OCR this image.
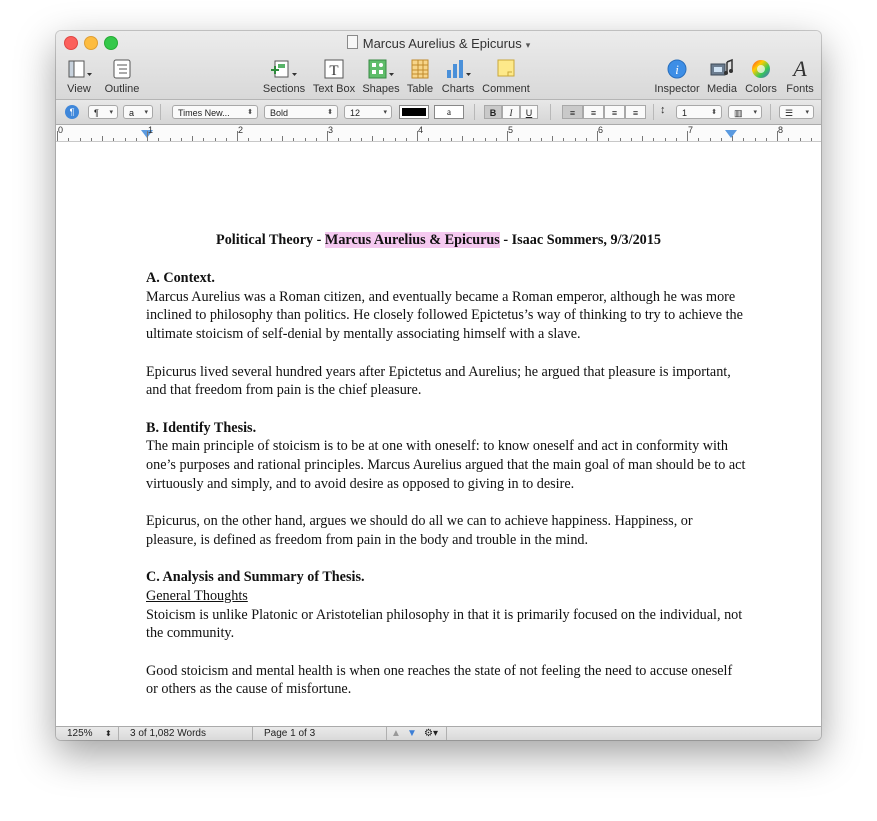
Marcus Aurelius & Epicurus ▾
View	Outline	Sections
T
Text Box Shapes Table Charts Comment
i
Inspector Media Colors
A
Fonts
¶	¶ ▾	a ▾	Times New... ⬍	Bold	⬍	12	▾	a	B	I	U	≡	≡	≡	≡	↕	1	⬍	▥ ▾	☰ ▾
0	1	2	3	4	5	6	7	8
Political Theory - Marcus Aurelius & Epicurus - Isaac Sommers, 9/3/2015

A. Context.

Marcus Aurelius was a Roman citizen, and eventually became a Roman emperor, although he was more inclined to philosophy than politics. He closely followed Epictetus’s way of thinking to try to achieve the ultimate stoicism of self-denial by mentally associating himself with a slave.

Epicurus lived several hundred years after Epictetus and Aurelius; he argued that pleasure is important, and that freedom from pain is the chief pleasure.

B. Identify Thesis.

The main principle of stoicism is to be at one with oneself: to know oneself and act in conformity with one’s purposes and rational principles. Marcus Aurelius argued that the main goal of man should be to act virtuously and simply, and to avoid desire as opposed to giving in to desire.

Epicurus, on the other hand, argues we should do all we can to achieve happiness. Happiness, or pleasure, is defined as freedom from pain in the body and trouble in the mind.

C. Analysis and Summary of Thesis.

General Thoughts

Stoicism is unlike Platonic or Aristotelian philosophy in that it is primarily focused on the individual, not the community.

Good stoicism and mental health is when one reaches the state of not feeling the need to accuse oneself or others as the cause of misfortune.

125% ⬍ 3 of 1,082 Words	Page 1 of 3	▲ ▼ ⚙▾
